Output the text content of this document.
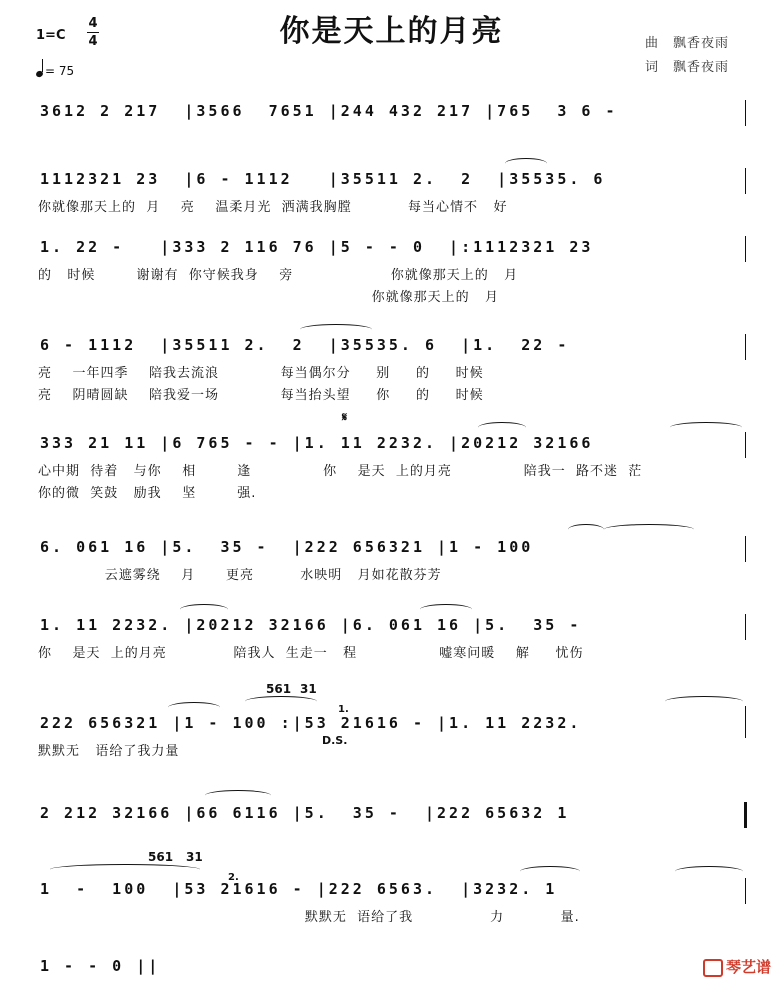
你是天上的月亮
1=C
4
4
= 75
曲　飘香夜雨
词　飘香夜雨
3612 2 217  |3566  7651 |244 432 217 |765  3 6 -
1112321 23  |6 - 1112   |35511 2.  2  |35535. 6
你就像那天上的  月    亮    温柔月光  洒满我胸膛           每当心情不   好
1. 22 -   |333 2 116 76 |5 - - 0  |:1112321 23
的   时候        谢谢有  你守候我身    旁                   你就像那天上的   月
你就像那天上的   月
6 - 1112  |35511 2.  2  |35535. 6  |1.  22 -
亮    一年四季    陪我去流浪            每当偶尔分     别     的     时候
亮    阴晴圆缺    陪我爱一场            每当抬头望     你     的     时候
𝄋
333 21 11 |6 765 - - |1. 11 2232. |20212 32166
心中期  待着   与你    相        逢              你    是天  上的月亮              陪我一  路不迷  茫
你的微  笑鼓   励我    坚        强.
6. 061 16 |5.  35 -  |222 656321 |1 - 100
云遮雾绕    月      更亮         水映明   月如花散芬芳
1. 11 2232. |20212 32166 |6. 061 16 |5.  35 -
你    是天  上的月亮             陪我人  生走一   程                嘘寒问暖    解     忧伤
561 31
1.
222 656321 |1 - 100 :|53 21616 - |1. 11 2232.
D.S.
默默无   语给了我力量
2 212 32166 |66 6116 |5.  35 -  |222 65632 1
561 31
2.
1  -  100  |53 21616 - |222 6563.  |3232. 1
默默无  语给了我               力           量.
1 - - 0 ||	琴艺谱
